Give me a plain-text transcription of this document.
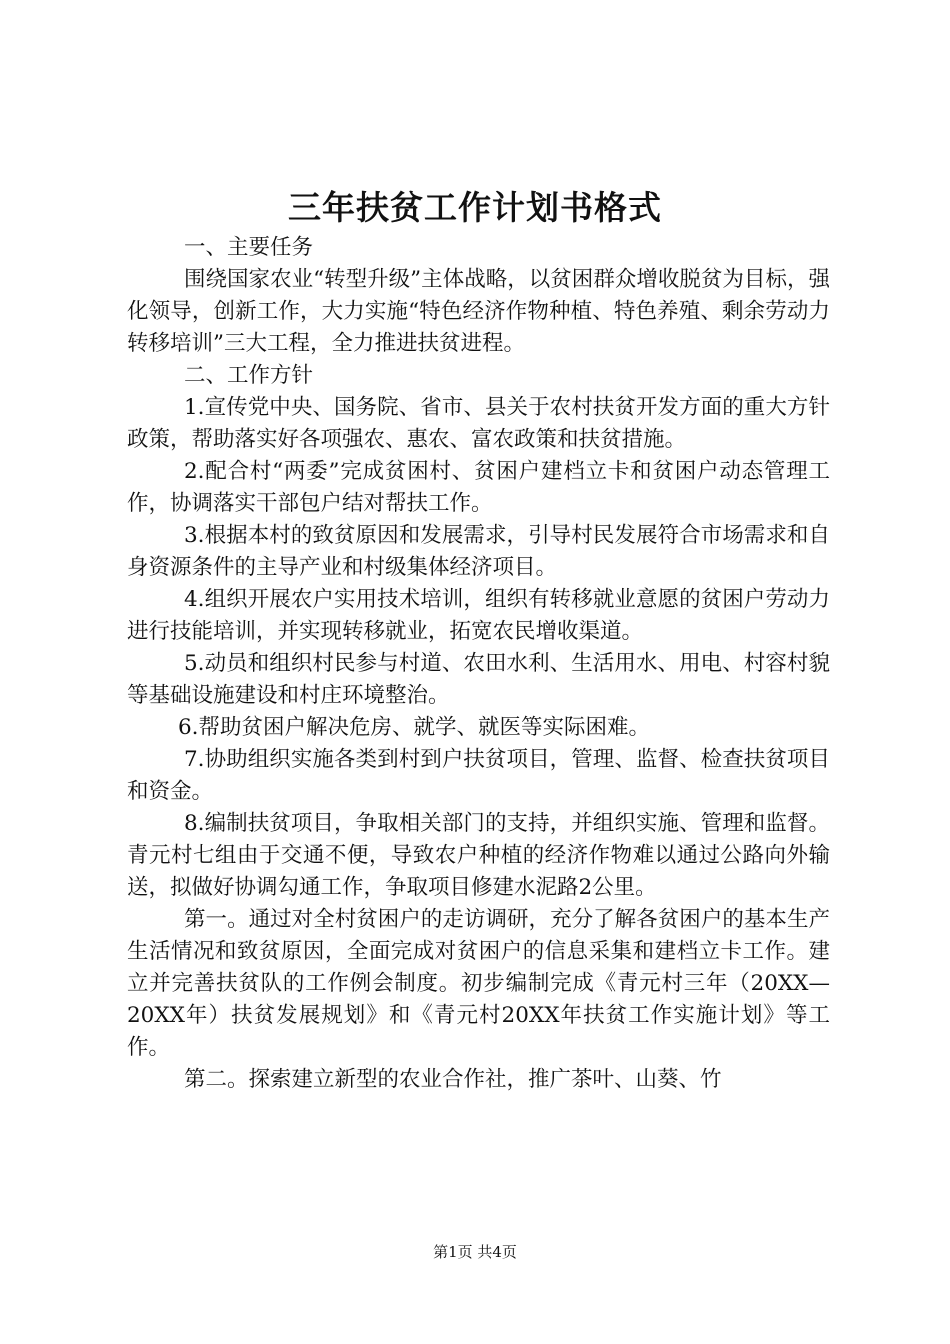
三年扶贫工作计划书格式
一、主要任务
围绕国家农业“转型升级”主体战略，以贫困群众增收脱贫为目标，强化领导，创新工作，大力实施“特色经济作物种植、特色养殖、剩余劳动力转移培训”三大工程，全力推进扶贫进程。
二、工作方针
1.宣传党中央、国务院、省市、县关于农村扶贫开发方面的重大方针政策，帮助落实好各项强农、惠农、富农政策和扶贫措施。
2.配合村“两委”完成贫困村、贫困户建档立卡和贫困户动态管理工作，协调落实干部包户结对帮扶工作。
3.根据本村的致贫原因和发展需求，引导村民发展符合市场需求和自身资源条件的主导产业和村级集体经济项目。
4.组织开展农户实用技术培训，组织有转移就业意愿的贫困户劳动力进行技能培训，并实现转移就业，拓宽农民增收渠道。
5.动员和组织村民参与村道、农田水利、生活用水、用电、村容村貌等基础设施建设和村庄环境整治。
6.帮助贫困户解决危房、就学、就医等实际困难。
7.协助组织实施各类到村到户扶贫项目，管理、监督、检查扶贫项目和资金。
8.编制扶贫项目，争取相关部门的支持，并组织实施、管理和监督。青元村七组由于交通不便，导致农户种植的经济作物难以通过公路向外输送，拟做好协调勾通工作，争取项目修建水泥路2公里。
第一。通过对全村贫困户的走访调研，充分了解各贫困户的基本生产生活情况和致贫原因，全面完成对贫困户的信息采集和建档立卡工作。建立并完善扶贫队的工作例会制度。初步编制完成《青元村三年（20XX—20XX年）扶贫发展规划》和《青元村20XX年扶贫工作实施计划》等工作。
第二。探索建立新型的农业合作社，推广茶叶、山葵、竹
第1页 共4页
